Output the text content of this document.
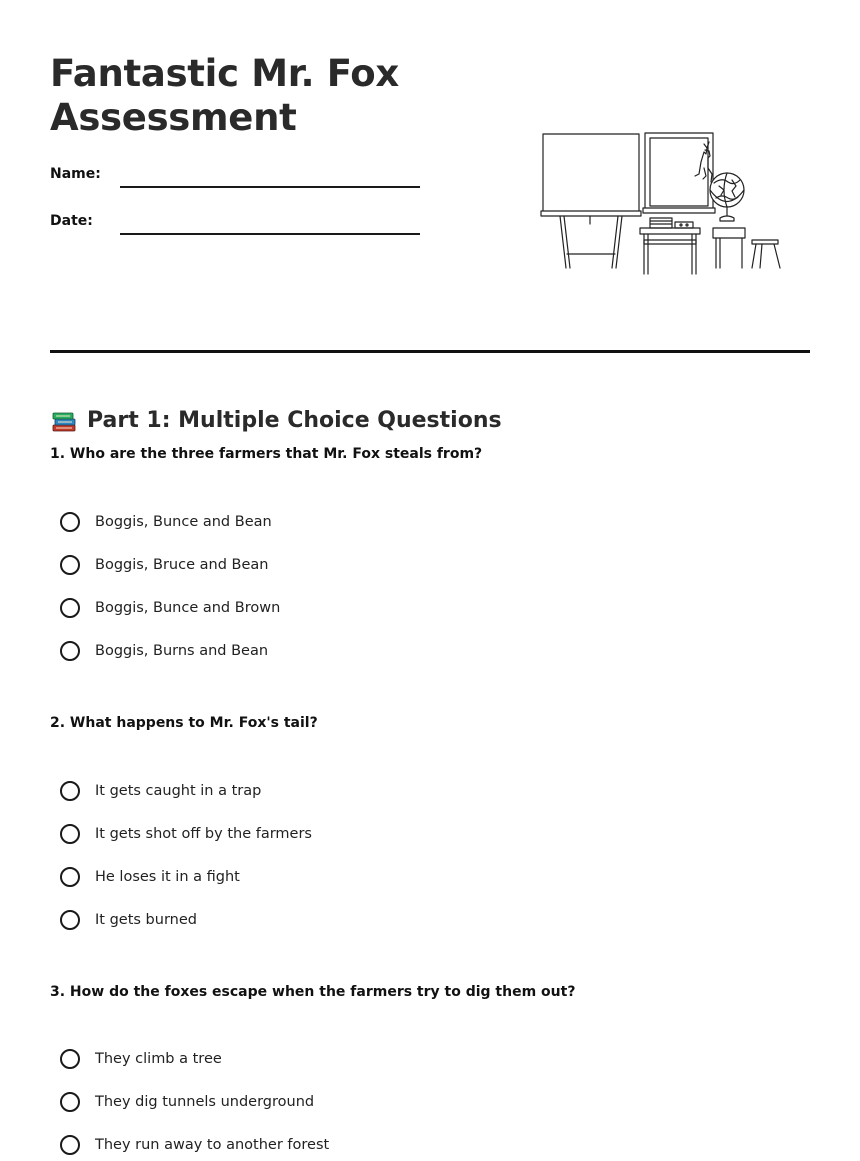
Fantastic Mr. Fox
Assessment
Name:
Date:
Part 1: Multiple Choice Questions
1. Who are the three farmers that Mr. Fox steals from?
Boggis, Bunce and Bean
Boggis, Bruce and Bean
Boggis, Bunce and Brown
Boggis, Burns and Bean
2. What happens to Mr. Fox's tail?
It gets caught in a trap
It gets shot off by the farmers
He loses it in a fight
It gets burned
3. How do the foxes escape when the farmers try to dig them out?
They climb a tree
They dig tunnels underground
They run away to another forest
